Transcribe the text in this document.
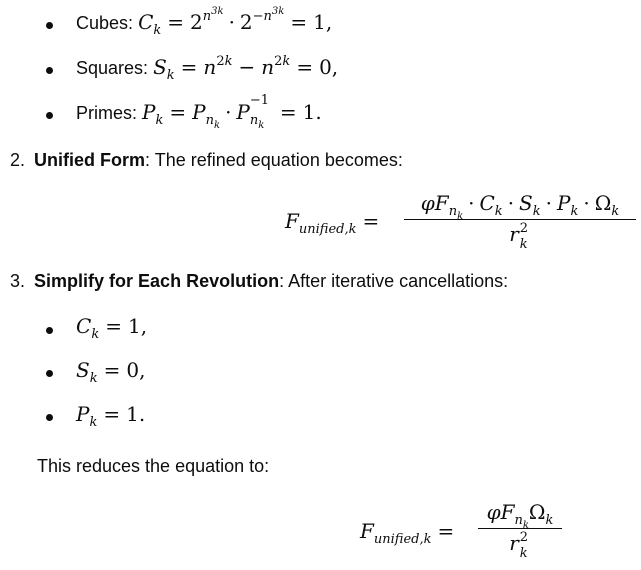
Cubes: $C_k = 2^{n^{3k}} \cdot 2^{-n^{3k}} = 1$,
Squares: $S_k = n^{2k} - n^{2k} = 0$,
Primes: $P_k = P_{n_k}\cdot P -1$
$n_k$
= 1.
2. Unified Form: The refined equation becomes:
$F_{unified,k}$ =
$\varphi F_{n_k}\cdot C_k \cdot S_k \cdot P_k \cdot \Omega_k$
r 2
k
3. Simplify for Each Revolution: After iterative cancellations:
$C_k = 1$,
$S_k = 0$,
$P_k = 1$.
This reduces the equation to:
$F_{unified,k}$ =
$\varphi F_{n_k}\Omega_k$
r 2
k
